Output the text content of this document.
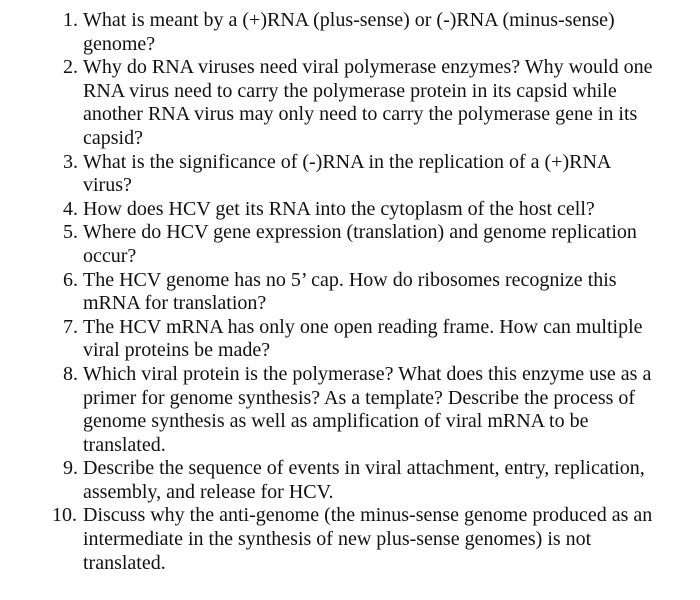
1. What is meant by a (+)RNA (plus-sense) or (-)RNA (minus-sense) genome?
2. Why do RNA viruses need viral polymerase enzymes? Why would one RNA virus need to carry the polymerase protein in its capsid while another RNA virus may only need to carry the polymerase gene in its capsid?
3. What is the significance of (-)RNA in the replication of a (+)RNA virus?
4. How does HCV get its RNA into the cytoplasm of the host cell?
5. Where do HCV gene expression (translation) and genome replication occur?
6. The HCV genome has no 5’ cap. How do ribosomes recognize this mRNA for translation?
7. The HCV mRNA has only one open reading frame. How can multiple viral proteins be made?
8. Which viral protein is the polymerase? What does this enzyme use as a primer for genome synthesis? As a template? Describe the process of genome synthesis as well as amplification of viral mRNA to be translated.
9. Describe the sequence of events in viral attachment, entry, replication, assembly, and release for HCV.
10. Discuss why the anti-genome (the minus-sense genome produced as an intermediate in the synthesis of new plus-sense genomes) is not translated.
